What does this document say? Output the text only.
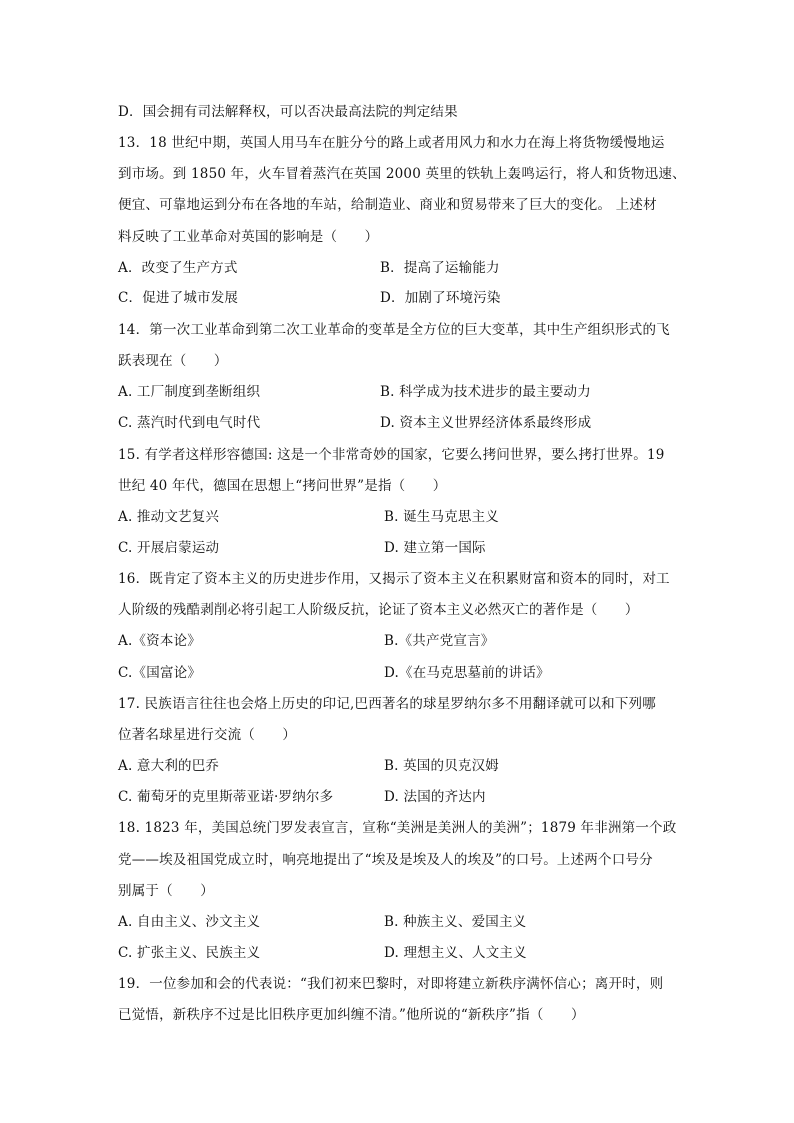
D．国会拥有司法解释权，可以否决最高法院的判定结果
13．18 世纪中期，英国人用马车在脏分兮的路上或者用风力和水力在海上将货物缓慢地运
到市场。到 1850 年，火车冒着蒸汽在英国 2000 英里的铁轨上轰鸣运行，将人和货物迅速、
便宜、可靠地运到分布在各地的车站，给制造业、商业和贸易带来了巨大的变化。 上述材
料反映了工业革命对英国的影响是（　　）
A．改变了生产方式	B．提高了运输能力
C．促进了城市发展	D．加剧了环境污染
14．第一次工业革命到第二次工业革命的变革是全方位的巨大变革，其中生产组织形式的飞
跃表现在（　　）
A. 工厂制度到垄断组织	B. 科学成为技术进步的最主要动力
C. 蒸汽时代到电气时代	D. 资本主义世界经济体系最终形成
15. 有学者这样形容德国: 这是一个非常奇妙的国家，它要么拷问世界，要么拷打世界。19
世纪 40 年代，德国在思想上“拷问世界”是指（　　）
A. 推动文艺复兴	B. 诞生马克思主义
C. 开展启蒙运动	D. 建立第一国际
16．既肯定了资本主义的历史进步作用，又揭示了资本主义在积累财富和资本的同时，对工
人阶级的残酷剥削必将引起工人阶级反抗，论证了资本主义必然灭亡的著作是（　　）
A.《资本论》	B.《共产党宣言》
C.《国富论》	D.《在马克思墓前的讲话》
17. 民族语言往往也会烙上历史的印记,巴西著名的球星罗纳尔多不用翻译就可以和下列哪
位著名球星进行交流（　　）
A. 意大利的巴乔	B. 英国的贝克汉姆
C. 葡萄牙的克里斯蒂亚诺·罗纳尔多	D. 法国的齐达内
18. 1823 年，美国总统门罗发表宣言，宣称“美洲是美洲人的美洲”；1879 年非洲第一个政
党——埃及祖国党成立时，响亮地提出了“埃及是埃及人的埃及”的口号。上述两个口号分
别属于（　　）
A. 自由主义、沙文主义	B. 种族主义、爱国主义
C. 扩张主义、民族主义	D. 理想主义、人文主义
19．一位参加和会的代表说：“我们初来巴黎时，对即将建立新秩序满怀信心；离开时，则
已觉悟，新秩序不过是比旧秩序更加纠缠不清。”他所说的“新秩序”指（　　）
